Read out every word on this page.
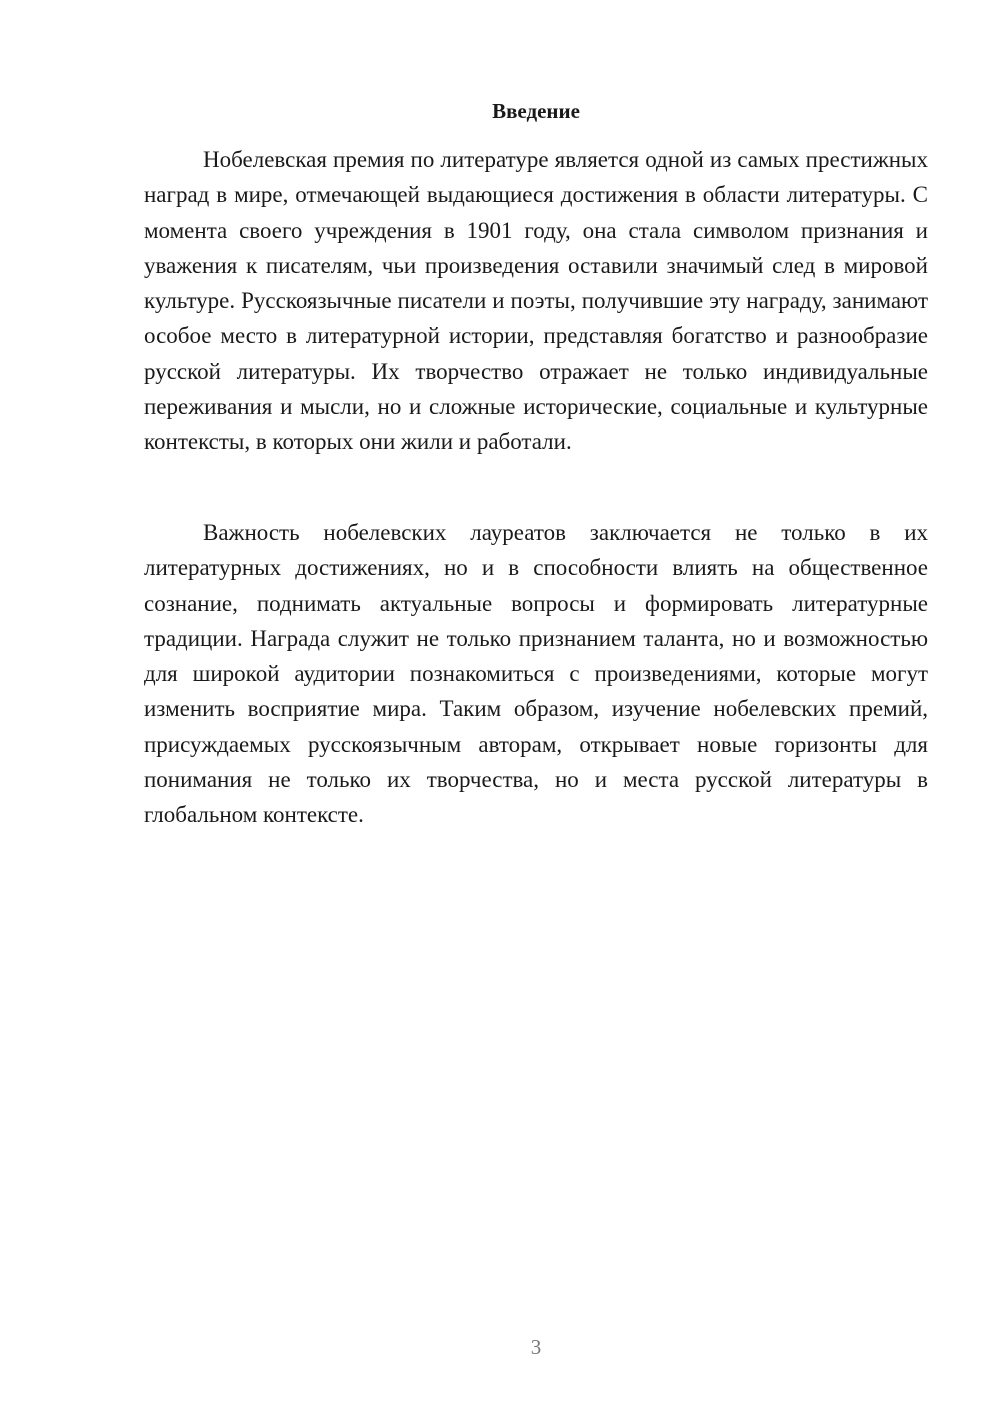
Введение

Нобелевская премия по литературе является одной из самых престижных наград в мире, отмечающей выдающиеся достижения в области литературы. С момента своего учреждения в 1901 году, она стала символом признания и уважения к писателям, чьи произведения оставили значимый след в мировой культуре. Русскоязычные писатели и поэты, получившие эту награду, занимают особое место в литературной истории, представляя богатство и разнообразие русской литературы. Их творчество отражает не только индивидуальные переживания и мысли, но и сложные исторические, социальные и культурные контексты, в которых они жили и работали.

Важность нобелевских лауреатов заключается не только в их литературных достижениях, но и в способности влиять на общественное сознание, поднимать актуальные вопросы и формировать литературные традиции. Награда служит не только признанием таланта, но и возможностью для широкой аудитории познакомиться с произведениями, которые могут изменить восприятие мира. Таким образом, изучение нобелевских премий, присуждаемых русскоязычным авторам, открывает новые горизонты для понимания не только их творчества, но и места русской литературы в глобальном контексте.

3
